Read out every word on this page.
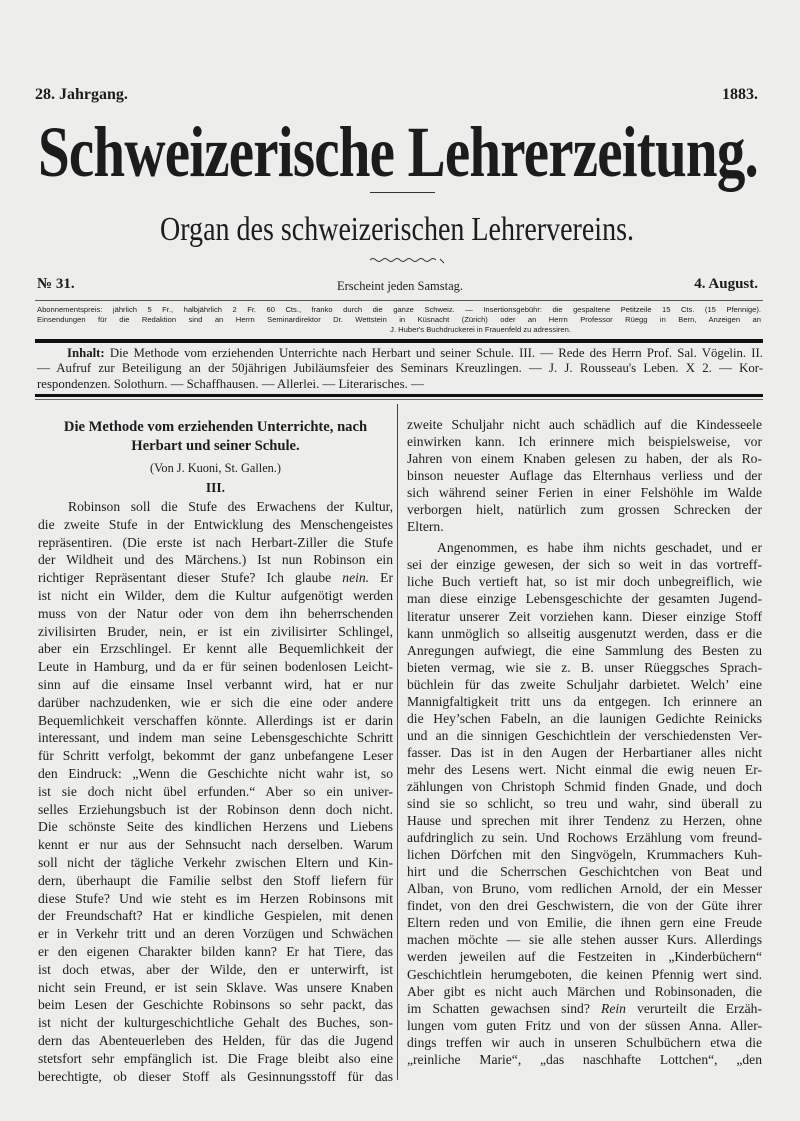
28. Jahrgang.	1883.
Schweizerische Lehrerzeitung.
Organ des schweizerischen Lehrervereins.
№ 31.	Erscheint jeden Samstag.	4. August.
Abonnementspreis: jährlich 5 Fr., halbjährlich 2 Fr. 60 Cts., franko durch die ganze Schweiz. — Insertionsgebühr: die gespaltene Petitzeile 15 Cts. (15 Pfennige).
Einsendungen für die Redaktion sind an Herrn Seminardirektor Dr. Wettstein in Küsnacht (Zürich) oder an Herrn Professor Rüegg in Bern, Anzeigen an
J. Huber's Buchdruckerei in Frauenfeld zu adressiren.
Inhalt: Die Methode vom erziehenden Unterrichte nach Herbart und seiner Schule. III. — Rede des Herrn Prof. Sal. Vögelin. II.
— Aufruf zur Beteiligung an der 50jährigen Jubiläumsfeier des Seminars Kreuzlingen. — J. J. Rousseau's Leben. X 2. — Kor-
respondenzen. Solothurn. — Schaffhausen. — Allerlei. — Literarisches. —
Die Methode vom erziehenden Unterrichte, nach
Herbart und seiner Schule.
(Von J. Kuoni, St. Gallen.)
III.
Robinson soll die Stufe des Erwachens der Kultur,
die zweite Stufe in der Entwicklung des Menschengeistes
repräsentiren. (Die erste ist nach Herbart-Ziller die Stufe
der Wildheit und des Märchens.) Ist nun Robinson ein
richtiger Repräsentant dieser Stufe? Ich glaube nein. Er
ist nicht ein Wilder, dem die Kultur aufgenötigt werden
muss von der Natur oder von dem ihn beherrschenden
zivilisirten Bruder, nein, er ist ein zivilisirter Schlingel,
aber ein Erzschlingel. Er kennt alle Bequemlichkeit der
Leute in Hamburg, und da er für seinen bodenlosen Leicht-
sinn auf die einsame Insel verbannt wird, hat er nur
darüber nachzudenken, wie er sich die eine oder andere
Bequemlichkeit verschaffen könnte. Allerdings ist er darin
interessant, und indem man seine Lebensgeschichte Schritt
für Schritt verfolgt, bekommt der ganz unbefangene Leser
den Eindruck: „Wenn die Geschichte nicht wahr ist, so
ist sie doch nicht übel erfunden.“ Aber so ein univer-
selles Erziehungsbuch ist der Robinson denn doch nicht.
Die schönste Seite des kindlichen Herzens und Liebens
kennt er nur aus der Sehnsucht nach derselben. Warum
soll nicht der tägliche Verkehr zwischen Eltern und Kin-
dern, überhaupt die Familie selbst den Stoff liefern für
diese Stufe? Und wie steht es im Herzen Robinsons mit
der Freundschaft? Hat er kindliche Gespielen, mit denen
er in Verkehr tritt und an deren Vorzügen und Schwächen
er den eigenen Charakter bilden kann? Er hat Tiere, das
ist doch etwas, aber der Wilde, den er unterwirft, ist
nicht sein Freund, er ist sein Sklave. Was unsere Knaben
beim Lesen der Geschichte Robinsons so sehr packt, das
ist nicht der kulturgeschichtliche Gehalt des Buches, son-
dern das Abenteuerleben des Helden, für das die Jugend
stetsfort sehr empfänglich ist. Die Frage bleibt also eine
berechtigte, ob dieser Stoff als Gesinnungsstoff für das
zweite Schuljahr nicht auch schädlich auf die Kindesseele
einwirken kann. Ich erinnere mich beispielsweise, vor
Jahren von einem Knaben gelesen zu haben, der als Ro-
binson neuester Auflage das Elternhaus verliess und der
sich während seiner Ferien in einer Felshöhle im Walde
verborgen hielt, natürlich zum grossen Schrecken der
Eltern.
Angenommen, es habe ihm nichts geschadet, und er
sei der einzige gewesen, der sich so weit in das vortreff-
liche Buch vertieft hat, so ist mir doch unbegreiflich, wie
man diese einzige Lebensgeschichte der gesamten Jugend-
literatur unserer Zeit vorziehen kann. Dieser einzige Stoff
kann unmöglich so allseitig ausgenutzt werden, dass er die
Anregungen aufwiegt, die eine Sammlung des Besten zu
bieten vermag, wie sie z. B. unser Rüeggsches Sprach-
büchlein für das zweite Schuljahr darbietet. Welch’ eine
Mannigfaltigkeit tritt uns da entgegen. Ich erinnere an
die Hey’schen Fabeln, an die launigen Gedichte Reinicks
und an die sinnigen Geschichtlein der verschiedensten Ver-
fasser. Das ist in den Augen der Herbartianer alles nicht
mehr des Lesens wert. Nicht einmal die ewig neuen Er-
zählungen von Christoph Schmid finden Gnade, und doch
sind sie so schlicht, so treu und wahr, sind überall zu
Hause und sprechen mit ihrer Tendenz zu Herzen, ohne
aufdringlich zu sein. Und Rochows Erzählung vom freund-
lichen Dörfchen mit den Singvögeln, Krummachers Kuh-
hirt und die Scherrschen Geschichtchen von Beat und
Alban, von Bruno, vom redlichen Arnold, der ein Messer
findet, von den drei Geschwistern, die von der Güte ihrer
Eltern reden und von Emilie, die ihnen gern eine Freude
machen möchte — sie alle stehen ausser Kurs. Allerdings
werden jeweilen auf die Festzeiten in „Kinderbüchern“
Geschichtlein herumgeboten, die keinen Pfennig wert sind.
Aber gibt es nicht auch Märchen und Robinsonaden, die
im Schatten gewachsen sind? Rein verurteilt die Erzäh-
lungen vom guten Fritz und von der süssen Anna. Aller-
dings treffen wir auch in unseren Schulbüchern etwa die
„reinliche Marie“, „das naschhafte Lottchen“, „den
